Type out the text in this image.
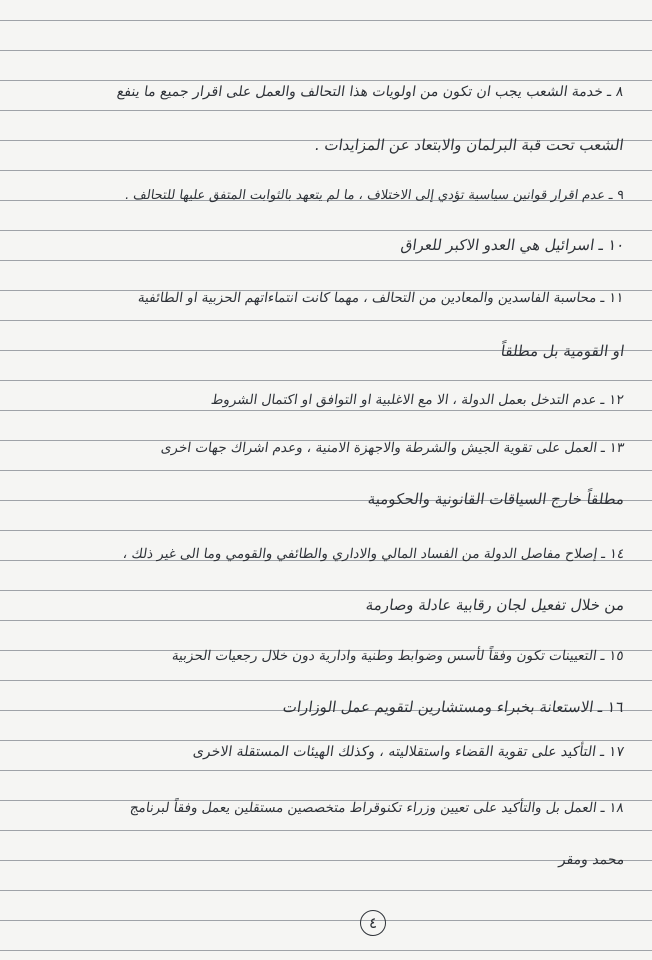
٨ ـ خدمة الشعب يجب ان تكون من اولويات هذا التحالف والعمل على اقرار جميع ما ينفع
الشعب تحت قبة البرلمان والابتعاد عن المزايدات .
٩ ـ عدم اقرار قوانين سياسية تؤدي إلى الاختلاف ، ما لم يتعهد بالثوابت المتفق عليها للتحالف .
١٠ ـ اسرائيل هي العدو الاكبر للعراق
١١ ـ محاسبة الفاسدين والمعادين من التحالف ، مهما كانت انتماءاتهم الحزبية او الطائفية
او القومية بل مطلقاً
١٢ ـ عدم التدخل بعمل الدولة ، الا مع الاغلبية او التوافق او اكتمال الشروط
١٣ ـ العمل على تقوية الجيش والشرطة والاجهزة الامنية ، وعدم اشراك جهات اخرى
مطلقاً خارج السياقات القانونية والحكومية
١٤ ـ إصلاح مفاصل الدولة من الفساد المالي والاداري والطائفي والقومي وما الى غير ذلك ،
من خلال تفعيل لجان رقابية عادلة وصارمة
١٥ ـ التعيينات تكون وفقاً لأسس وضوابط وطنية وادارية دون خلال رجعيات الحزبية
١٦ ـ الاستعانة بخبراء ومستشارين لتقويم عمل الوزارات
١٧ ـ التأكيد على تقوية القضاء واستقلاليته ، وكذلك الهيئات المستقلة الاخرى
١٨ ـ العمل بل والتأكيد على تعيين وزراء تكنوقراط متخصصين مستقلين يعمل وفقاً لبرنامج
محمد ومقر
٤
